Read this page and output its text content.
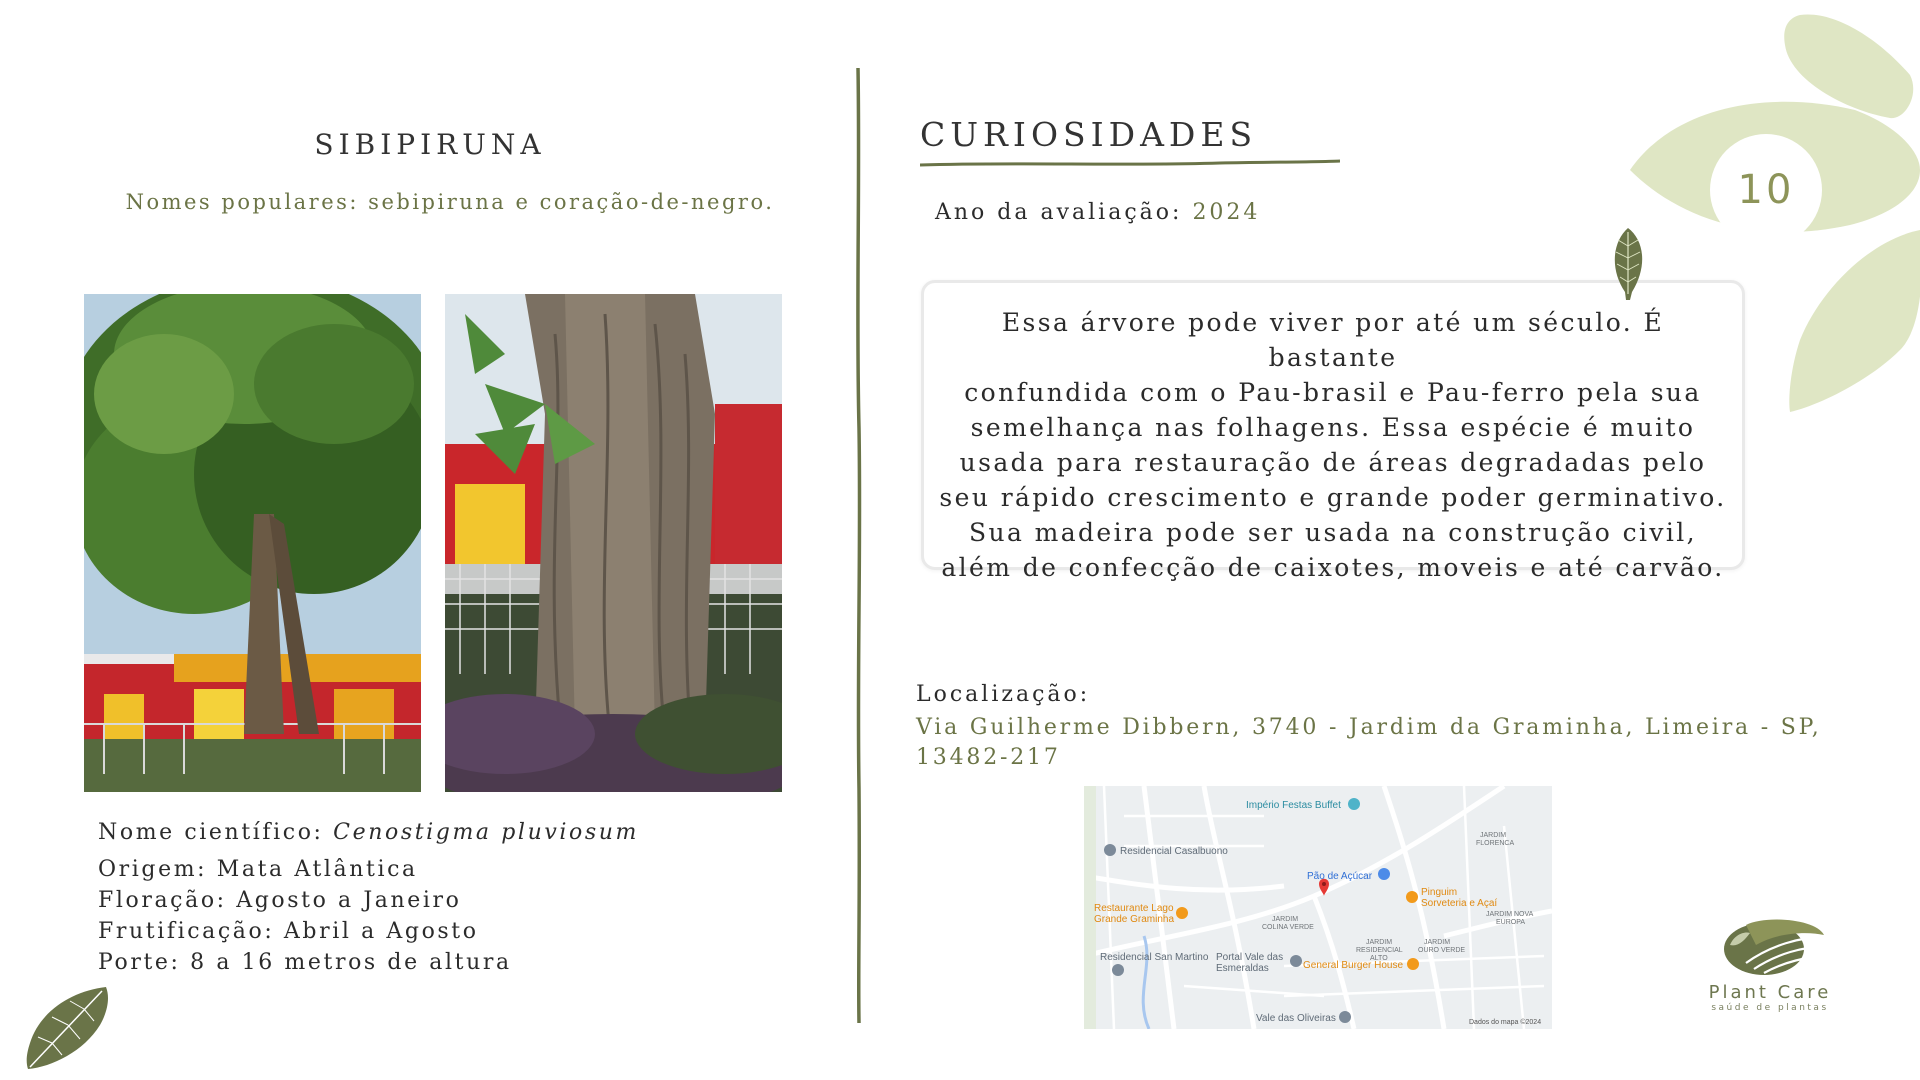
10
SIBIPIRUNA
Nomes populares: sebipiruna e coração-de-negro.
Nome científico: Cenostigma pluviosum
Origem: Mata Atlântica
Floração: Agosto a Janeiro
Frutificação: Abril a Agosto
Porte: 8 a 16 metros de altura
CURIOSIDADES
Ano da avaliação: 2024
Essa árvore pode viver por até um século. É bastante
confundida com o Pau-brasil e Pau-ferro pela sua
semelhança nas folhagens. Essa espécie é muito
usada para restauração de áreas degradadas pelo
seu rápido crescimento e grande poder germinativo.
Sua madeira pode ser usada na construção civil,
além de confecção de caixotes, moveis e até carvão.
Localização:
Via Guilherme Dibbern, 3740 - Jardim da Graminha, Limeira - SP, 13482-217
Império Festas Buffet
Residencial Casalbuono
Pão de Açúcar
Restaurante Lago
Grande Graminha
Pinguim
Sorveteria e Açaí
Residencial San Martino Portal Vale das
Esmeraldas	General Burger House
Vale das Oliveiras
JARDIM
FLORENCA
JARDIM
COLINA VERDE
JARDIM NOVA
EUROPA
JARDIM
RESIDENCIAL
ALTO
JARDIM
OURO VERDE
Dados do mapa ©2024
Plant Care
saúde de plantas
